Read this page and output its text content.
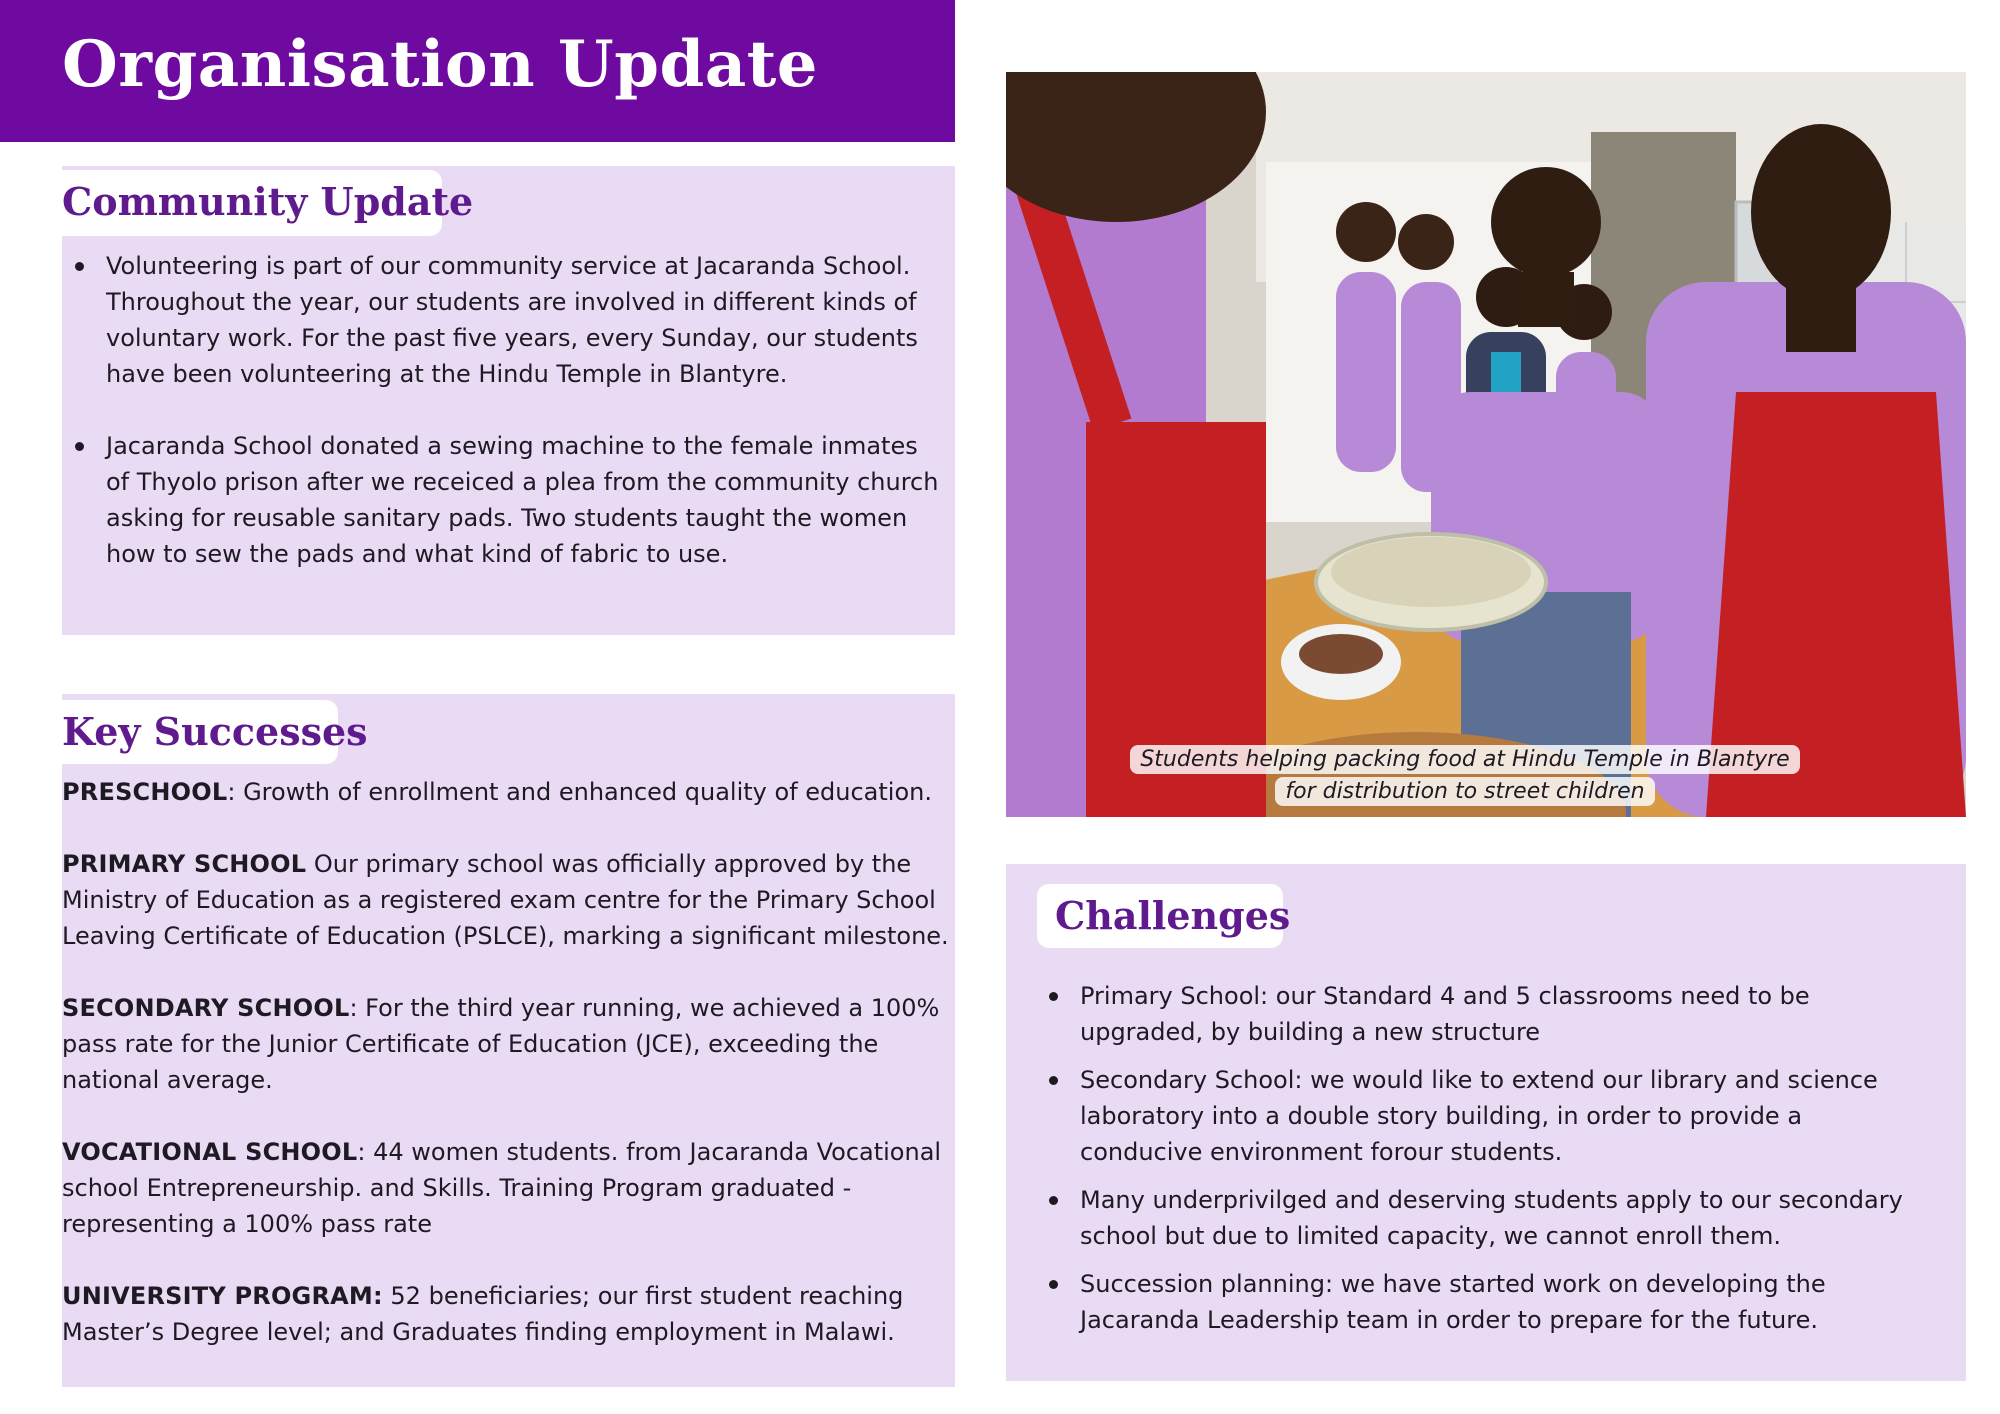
Organisation Update
Community Update
Volunteering is part of our community service at Jacaranda School. Throughout the year, our students are involved in different kinds of voluntary work. For the past five years, every Sunday, our students have been volunteering at the Hindu Temple in Blantyre.
Jacaranda School donated a sewing machine to the female inmates of Thyolo prison after we receiced a plea from the community church asking for reusable sanitary pads. Two students taught the women how to sew the pads and what kind of fabric to use.
Key Successes

PRESCHOOL: Growth of enrollment and enhanced quality of education.

PRIMARY SCHOOL Our primary school was officially approved by the Ministry of Education as a registered exam centre for the Primary School Leaving Certificate of Education (PSLCE), marking a significant milestone.

SECONDARY SCHOOL: For the third year running, we achieved a 100% pass rate for the Junior Certificate of Education (JCE), exceeding the national average.

VOCATIONAL SCHOOL: 44 women students. from Jacaranda Vocational school Entrepreneurship. and Skills. Training Program graduated - representing a 100% pass rate

UNIVERSITY PROGRAM: 52 beneficiaries; our first student reaching Master’s Degree level; and Graduates finding employment in Malawi.

Students helping packing food at Hindu Temple in Blantyre
for distribution to street children
Challenges
Primary School: our Standard 4 and 5 classrooms need to be upgraded, by building a new structure
Secondary School: we would like to extend our library and science laboratory into a double story building, in order to provide a conducive environment forour students.
Many underprivilged and deserving students apply to our secondary school but due to limited capacity, we cannot enroll them.
Succession planning: we have started work on developing the Jacaranda Leadership team in order to prepare for the future.
